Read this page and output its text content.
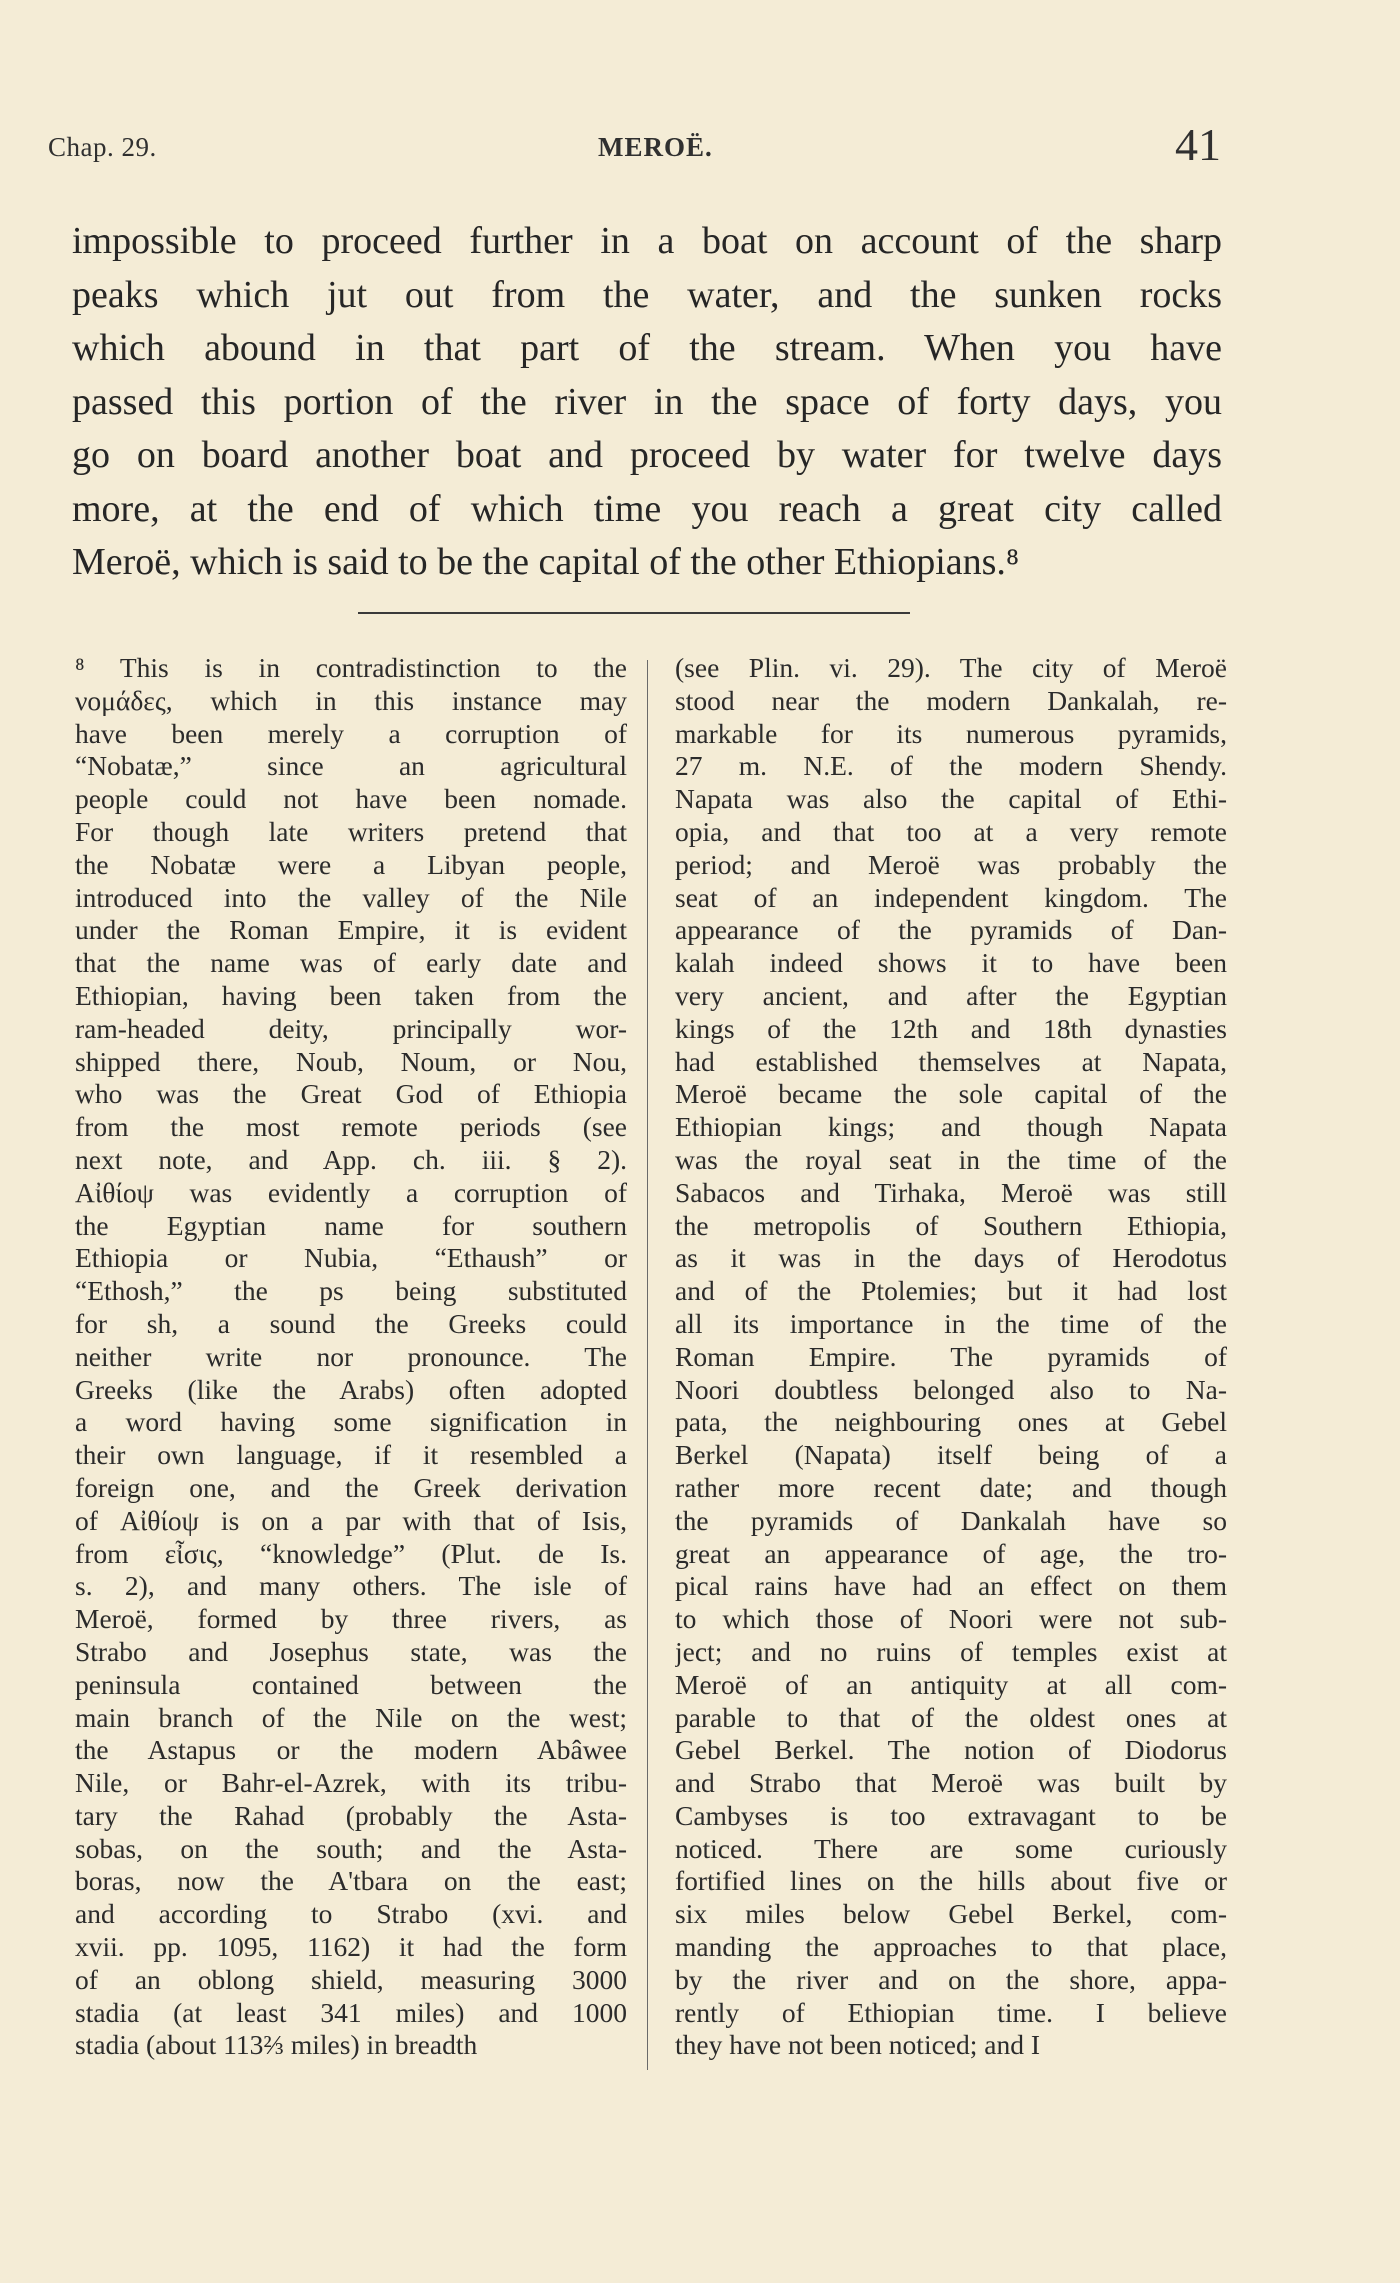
Chap. 29.	MEROË.	41
impossible to proceed further in a boat on account of the sharp
peaks which jut out from the water, and the sunken rocks
which abound in that part of the stream. When you have
passed this portion of the river in the space of forty days, you
go on board another boat and proceed by water for twelve days
more, at the end of which time you reach a great city called
Meroë, which is said to be the capital of the other Ethiopians.⁸
⁸ This is in contradistinction to the
νομάδες, which in this instance may
have been merely a corruption of
“Nobatæ,” since an agricultural
people could not have been nomade.
For though late writers pretend that
the Nobatæ were a Libyan people,
introduced into the valley of the Nile
under the Roman Empire, it is evident
that the name was of early date and
Ethiopian, having been taken from the
ram-headed deity, principally wor-
shipped there, Noub, Noum, or Nou,
who was the Great God of Ethiopia
from the most remote periods (see
next note, and App. ch. iii. § 2).
Αἰθίοψ was evidently a corruption of
the Egyptian name for southern
Ethiopia or Nubia, “Ethaush” or
“Ethosh,” the ps being substituted
for sh, a sound the Greeks could
neither write nor pronounce. The
Greeks (like the Arabs) often adopted
a word having some signification in
their own language, if it resembled a
foreign one, and the Greek derivation
of Αἰθίοψ is on a par with that of Isis,
from εἶσις, “knowledge” (Plut. de Is.
s. 2), and many others. The isle of
Meroë, formed by three rivers, as
Strabo and Josephus state, was the
peninsula contained between the
main branch of the Nile on the west;
the Astapus or the modern Abâwee
Nile, or Bahr-el-Azrek, with its tribu-
tary the Rahad (probably the Asta-
sobas, on the south; and the Asta-
boras, now the A'tbara on the east;
and according to Strabo (xvi. and
xvii. pp. 1095, 1162) it had the form
of an oblong shield, measuring 3000
stadia (at least 341 miles) and 1000
stadia (about 113⅔ miles) in breadth
(see Plin. vi. 29). The city of Meroë
stood near the modern Dankalah, re-
markable for its numerous pyramids,
27 m. N.E. of the modern Shendy.
Napata was also the capital of Ethi-
opia, and that too at a very remote
period; and Meroë was probably the
seat of an independent kingdom. The
appearance of the pyramids of Dan-
kalah indeed shows it to have been
very ancient, and after the Egyptian
kings of the 12th and 18th dynasties
had established themselves at Napata,
Meroë became the sole capital of the
Ethiopian kings; and though Napata
was the royal seat in the time of the
Sabacos and Tirhaka, Meroë was still
the metropolis of Southern Ethiopia,
as it was in the days of Herodotus
and of the Ptolemies; but it had lost
all its importance in the time of the
Roman Empire. The pyramids of
Noori doubtless belonged also to Na-
pata, the neighbouring ones at Gebel
Berkel (Napata) itself being of a
rather more recent date; and though
the pyramids of Dankalah have so
great an appearance of age, the tro-
pical rains have had an effect on them
to which those of Noori were not sub-
ject; and no ruins of temples exist at
Meroë of an antiquity at all com-
parable to that of the oldest ones at
Gebel Berkel. The notion of Diodorus
and Strabo that Meroë was built by
Cambyses is too extravagant to be
noticed. There are some curiously
fortified lines on the hills about five or
six miles below Gebel Berkel, com-
manding the approaches to that place,
by the river and on the shore, appa-
rently of Ethiopian time. I believe
they have not been noticed; and I
